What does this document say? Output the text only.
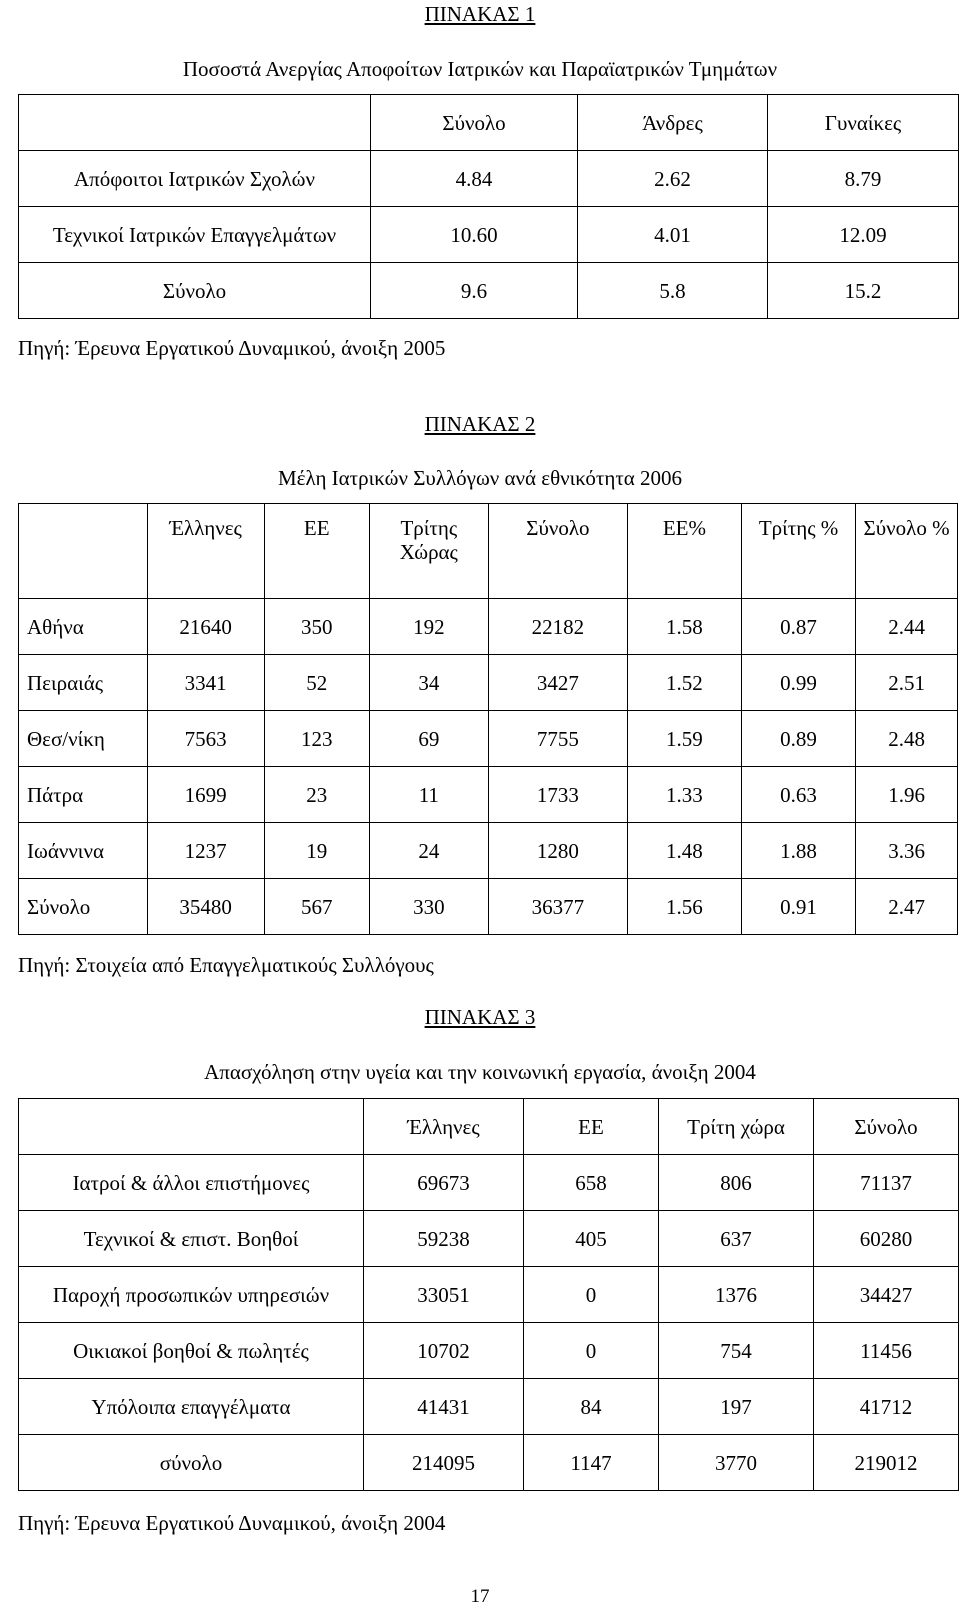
ΠΙΝΑΚΑΣ 1
Ποσοστά Ανεργίας Αποφοίτων Ιατρικών και Παραϊατρικών Τμημάτων
	Σύνολο	Άνδρες	Γυναίκες
Απόφοιτοι Ιατρικών Σχολών	4.84	2.62	8.79
Τεχνικοί Ιατρικών Επαγγελμάτων	10.60	4.01	12.09
Σύνολο	9.6	5.8	15.2
Πηγή: Έρευνα Εργατικού Δυναμικού, άνοιξη 2005
ΠΙΝΑΚΑΣ 2
Μέλη Ιατρικών Συλλόγων ανά εθνικότητα 2006
	Έλληνες	ΕΕ	Τρίτης Χώρας	Σύνολο	ΕΕ%	Τρίτης %	Σύνολο %
Αθήνα	21640	350	192	22182	1.58	0.87	2.44
Πειραιάς	3341	52	34	3427	1.52	0.99	2.51
Θεσ/νίκη	7563	123	69	7755	1.59	0.89	2.48
Πάτρα	1699	23	11	1733	1.33	0.63	1.96
Ιωάννινα	1237	19	24	1280	1.48	1.88	3.36
Σύνολο	35480	567	330	36377	1.56	0.91	2.47
Πηγή: Στοιχεία από Επαγγελματικούς Συλλόγους
ΠΙΝΑΚΑΣ 3
Απασχόληση στην υγεία και την κοινωνική εργασία, άνοιξη 2004
	Έλληνες	ΕΕ	Τρίτη χώρα	Σύνολο
Ιατροί & άλλοι επιστήμονες	69673	658	806	71137
Τεχνικοί & επιστ. Βοηθοί	59238	405	637	60280
Παροχή προσωπικών υπηρεσιών	33051	0	1376	34427
Οικιακοί βοηθοί & πωλητές	10702	0	754	11456
Υπόλοιπα επαγγέλματα	41431	84	197	41712
σύνολο	214095	1147	3770	219012
Πηγή: Έρευνα Εργατικού Δυναμικού, άνοιξη 2004
17
